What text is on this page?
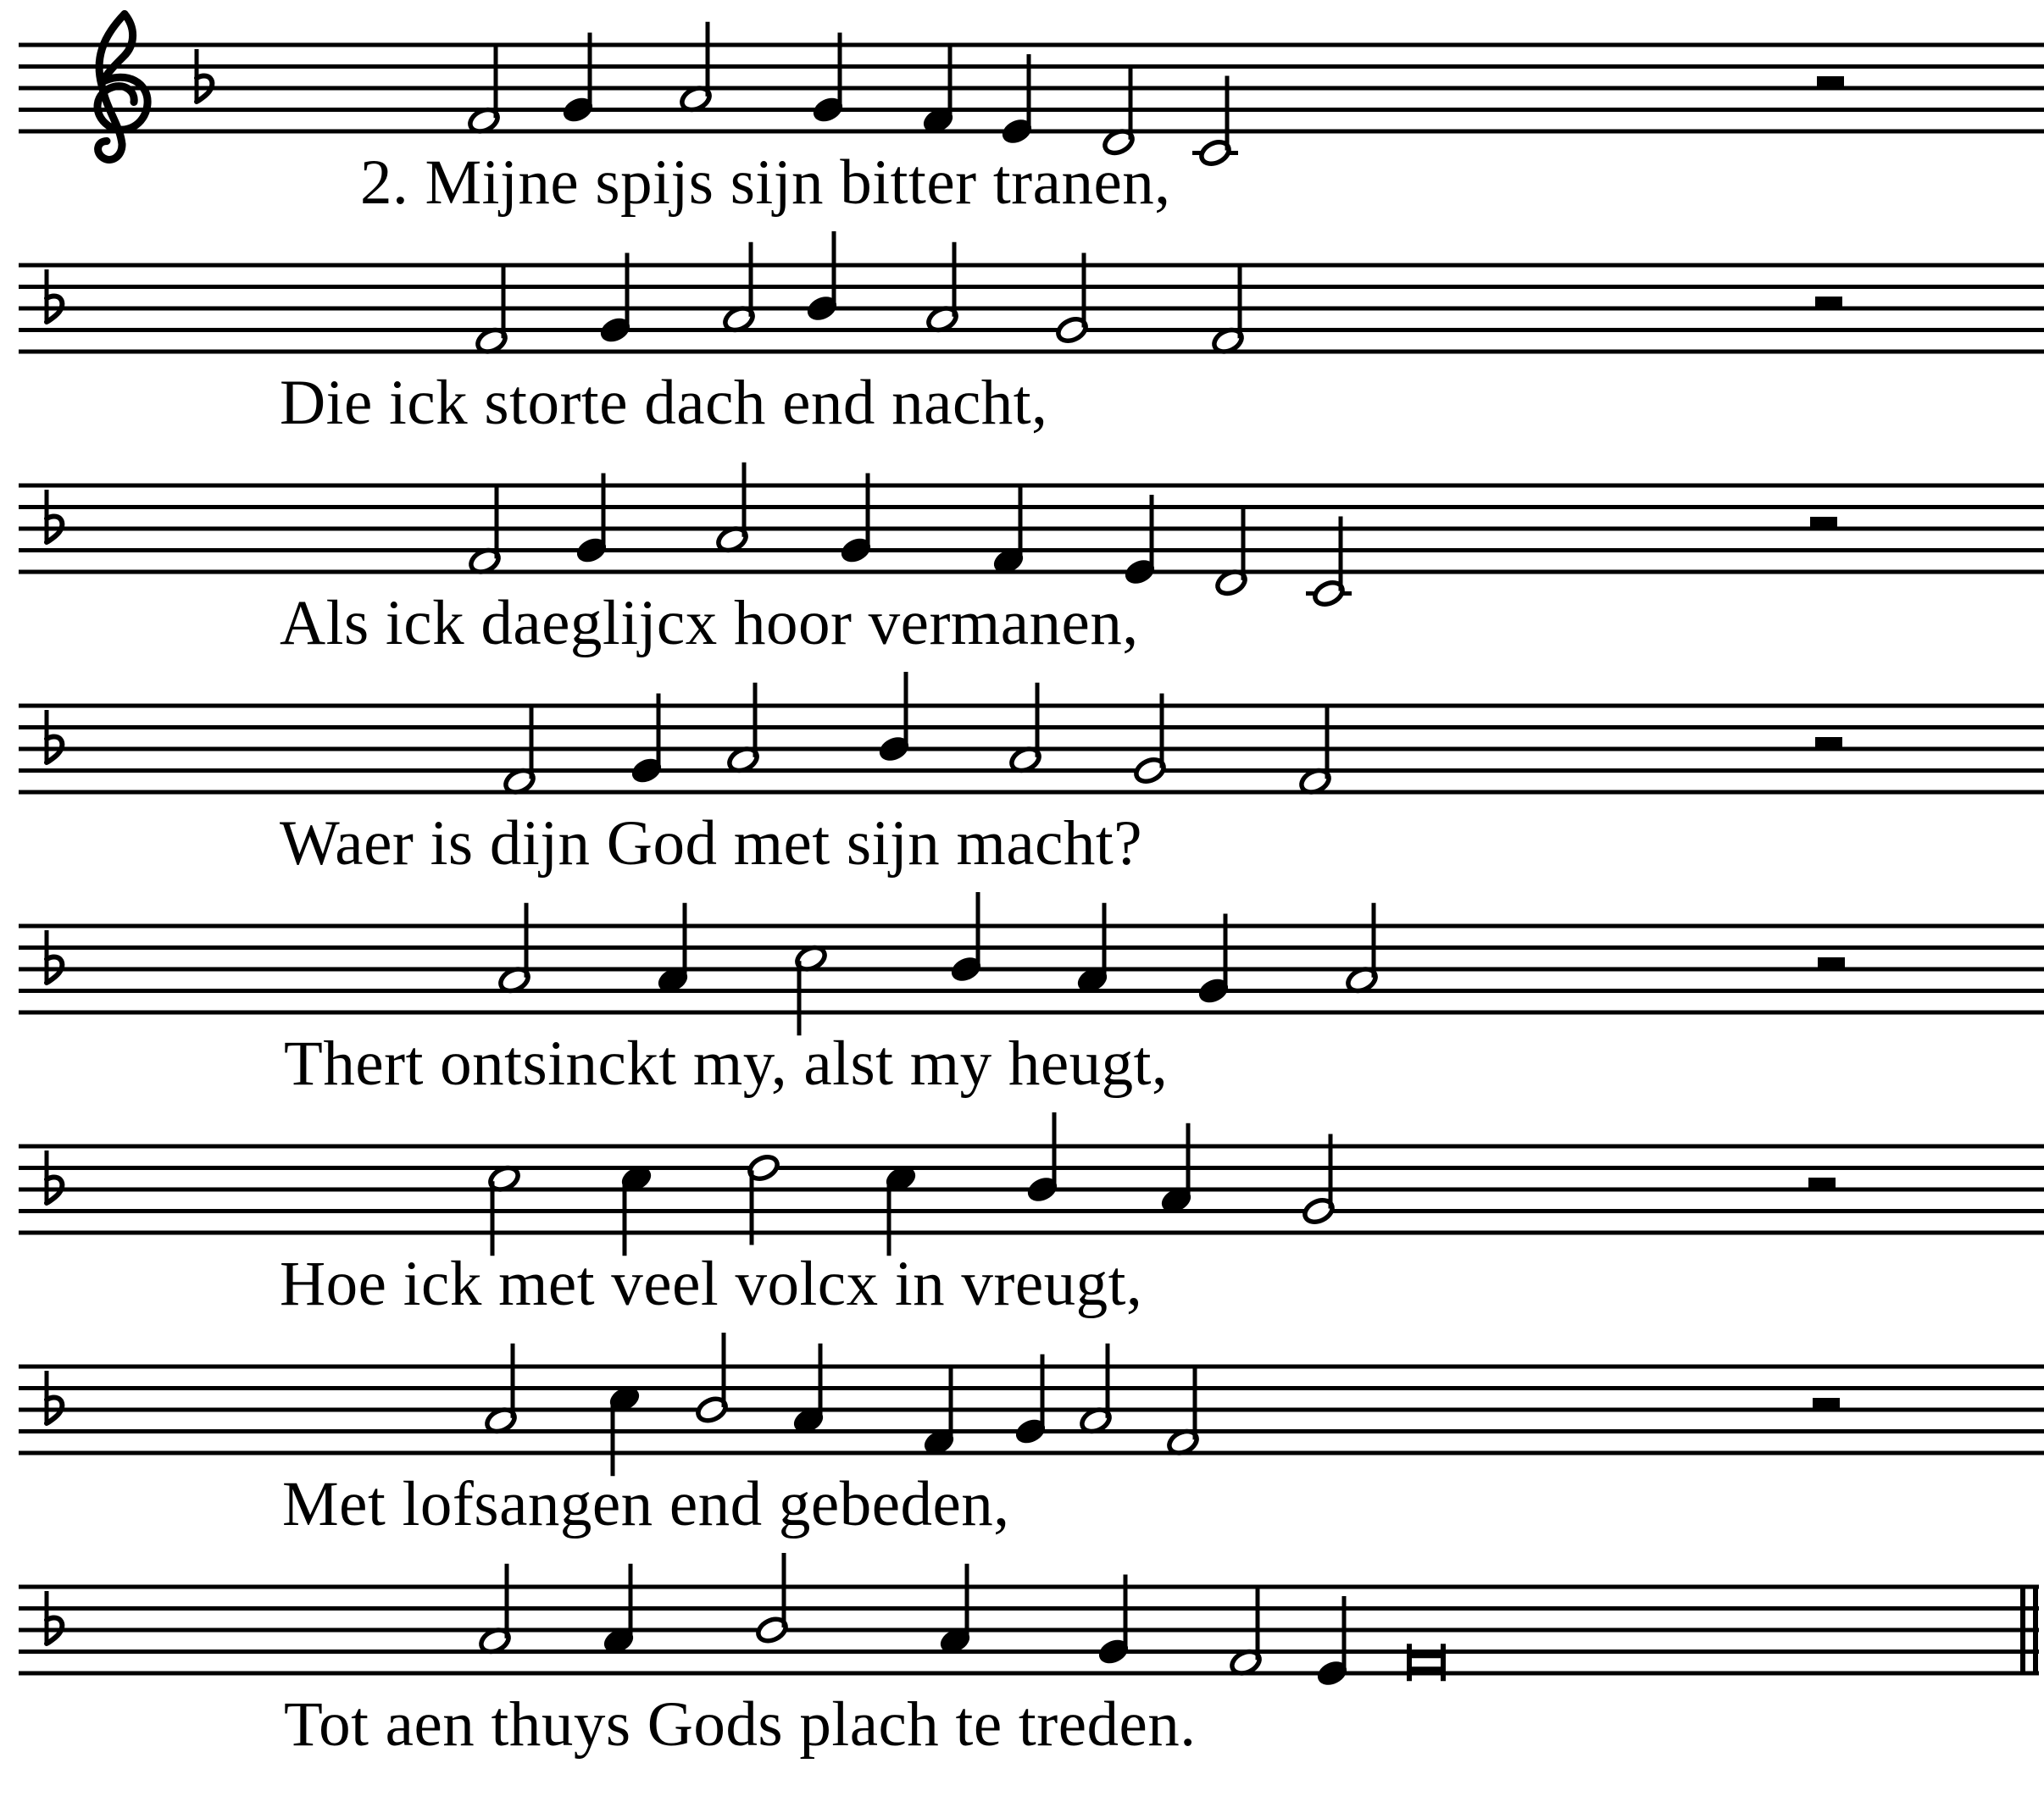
2. Mijne spijs sijn bitter tranen,
Die ick storte dach end nacht,
Als ick daeglijcx hoor vermanen,
Waer is dijn God met sijn macht?
Thert ontsinckt my, alst my heugt,
Hoe ick met veel volcx in vreugt,
Met lofsangen end gebeden,
Tot aen thuys Gods plach te treden.
